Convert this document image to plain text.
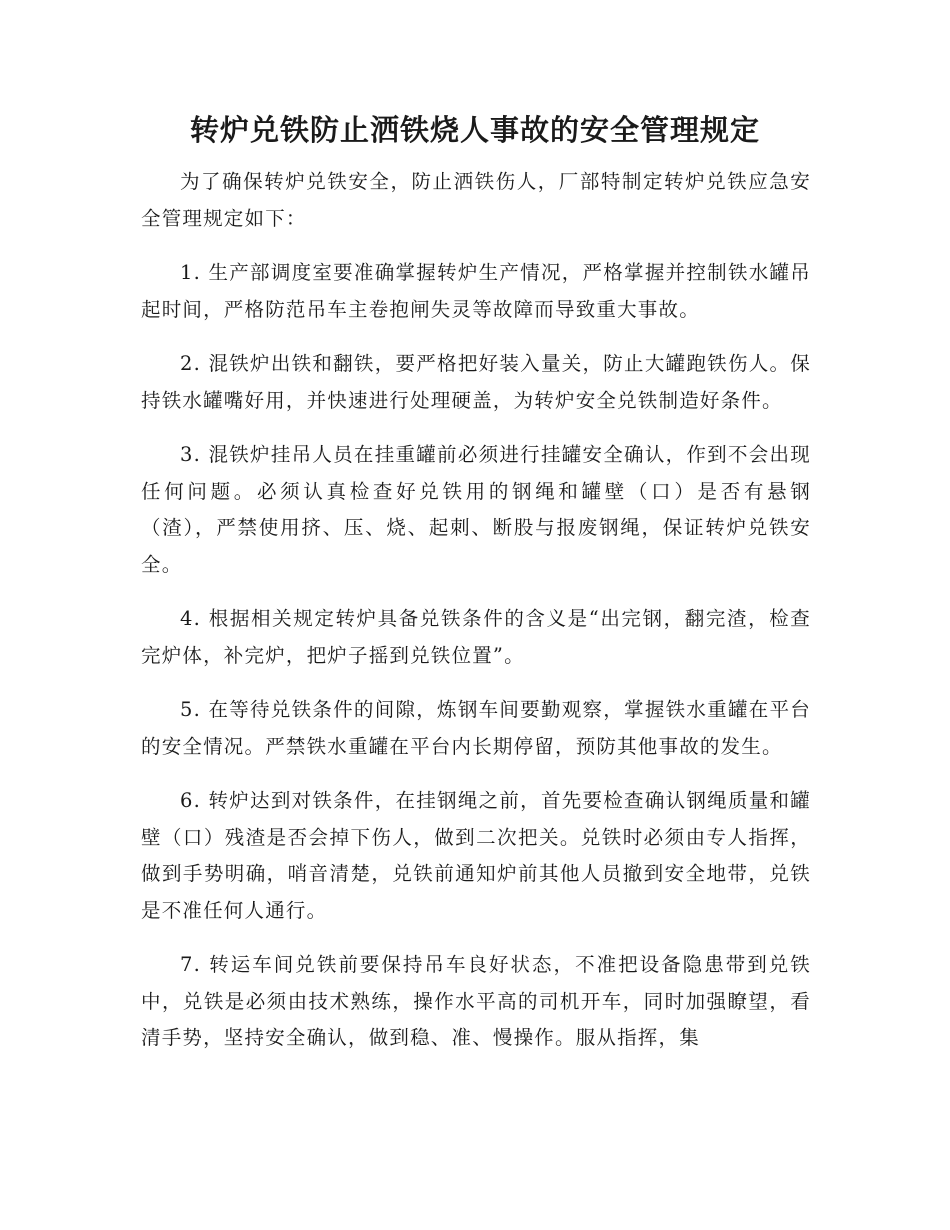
转炉兑铁防止洒铁烧人事故的安全管理规定

为了确保转炉兑铁安全，防止洒铁伤人，厂部特制定转炉兑铁应急安全管理规定如下：

1. 生产部调度室要准确掌握转炉生产情况，严格掌握并控制铁水罐吊起时间，严格防范吊车主卷抱闸失灵等故障而导致重大事故。

2. 混铁炉出铁和翻铁，要严格把好装入量关，防止大罐跑铁伤人。保持铁水罐嘴好用，并快速进行处理硬盖，为转炉安全兑铁制造好条件。

3. 混铁炉挂吊人员在挂重罐前必须进行挂罐安全确认，作到不会出现任何问题。必须认真检查好兑铁用的钢绳和罐壁（口）是否有悬钢（渣），严禁使用挤、压、烧、起刺、断股与报废钢绳，保证转炉兑铁安全。

4. 根据相关规定转炉具备兑铁条件的含义是“出完钢，翻完渣，检查完炉体，补完炉，把炉子摇到兑铁位置”。

5. 在等待兑铁条件的间隙，炼钢车间要勤观察，掌握铁水重罐在平台的安全情况。严禁铁水重罐在平台内长期停留，预防其他事故的发生。

6. 转炉达到对铁条件，在挂钢绳之前，首先要检查确认钢绳质量和罐壁（口）残渣是否会掉下伤人，做到二次把关。兑铁时必须由专人指挥，做到手势明确，哨音清楚，兑铁前通知炉前其他人员撤到安全地带，兑铁是不准任何人通行。

7. 转运车间兑铁前要保持吊车良好状态，不准把设备隐患带到兑铁中，兑铁是必须由技术熟练，操作水平高的司机开车，同时加强瞭望，看清手势，坚持安全确认，做到稳、准、慢操作。服从指挥，集
